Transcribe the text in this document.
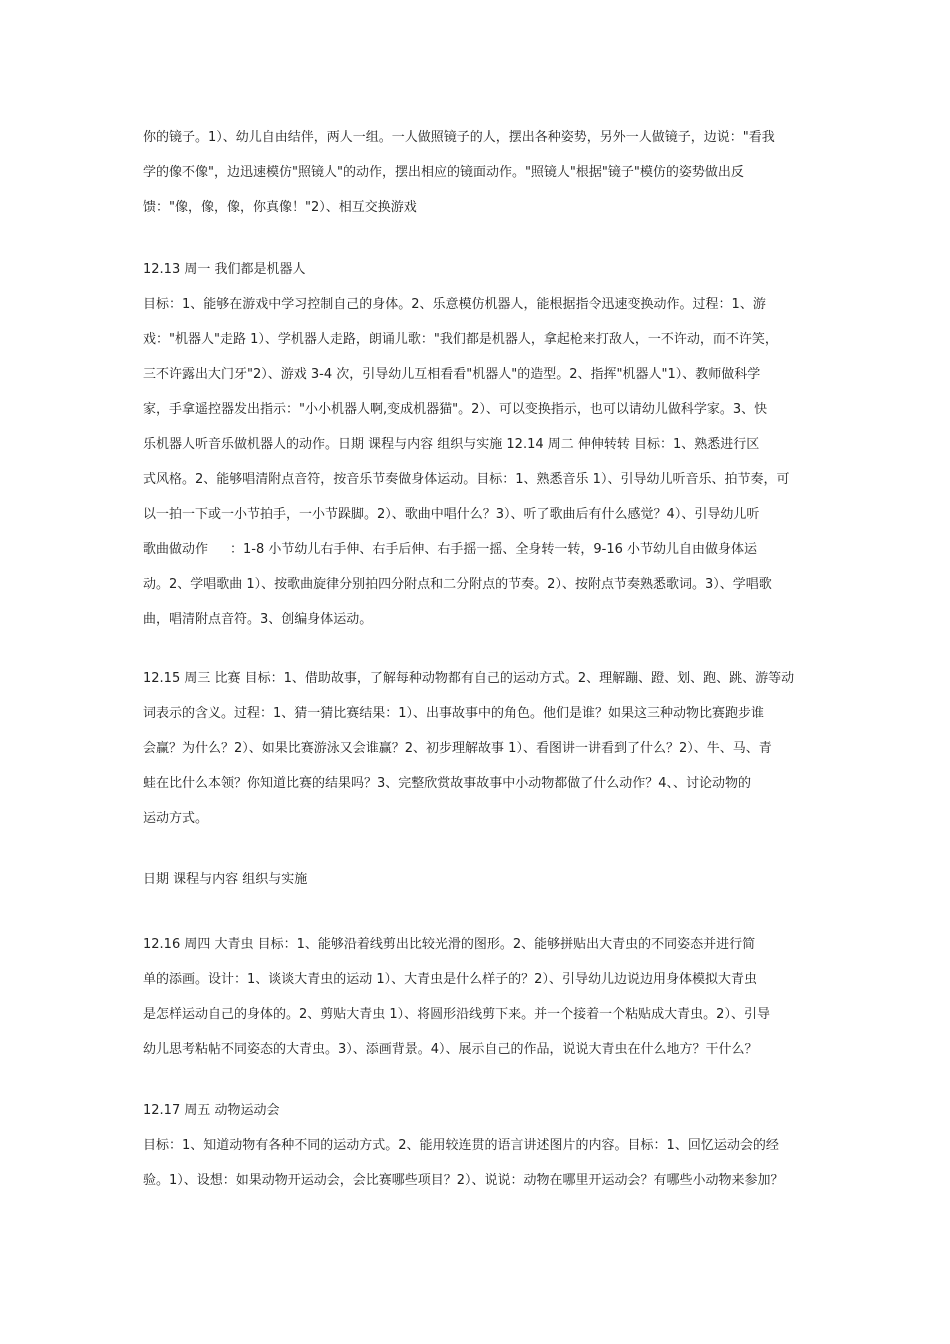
你的镜子。1）、幼儿自由结伴，两人一组。一人做照镜子的人，摆出各种姿势，另外一人做镜子，边说："看我
学的像不像"，边迅速模仿"照镜人"的动作，摆出相应的镜面动作。"照镜人"根据"镜子"模仿的姿势做出反
馈："像，像，像，你真像！"2）、相互交换游戏
12.13 周一 我们都是机器人
目标：1、能够在游戏中学习控制自己的身体。2、乐意模仿机器人，能根据指令迅速变换动作。过程：1、游
戏："机器人"走路 1）、学机器人走路，朗诵儿歌："我们都是机器人，拿起枪来打敌人，一不许动，而不许笑，
三不许露出大门牙"2）、游戏 3-4 次，引导幼儿互相看看"机器人"的造型。2、指挥"机器人"1）、教师做科学
家，手拿遥控器发出指示："小小机器人啊,变成机器猫"。2）、可以变换指示，也可以请幼儿做科学家。3、快
乐机器人听音乐做机器人的动作。日期 课程与内容 组织与实施 12.14 周二 伸伸转转 目标：1、熟悉进行区
式风格。2、能够唱清附点音符，按音乐节奏做身体运动。目标：1、熟悉音乐 1）、引导幼儿听音乐、拍节奏，可
以一拍一下或一小节拍手，一小节跺脚。2）、歌曲中唱什么？3）、听了歌曲后有什么感觉？4）、引导幼儿听
歌曲做动作 ：1-8 小节幼儿右手伸、右手后伸、右手摇一摇、全身转一转，9-16 小节幼儿自由做身体运
动。2、学唱歌曲 1）、按歌曲旋律分别拍四分附点和二分附点的节奏。2）、按附点节奏熟悉歌词。3）、学唱歌
曲，唱清附点音符。3、创编身体运动。
12.15 周三 比赛 目标：1、借助故事，了解每种动物都有自己的运动方式。2、理解蹦、蹬、划、跑、跳、游等动
词表示的含义。过程：1、猜一猜比赛结果：1）、出事故事中的角色。他们是谁？如果这三种动物比赛跑步谁
会赢？为什么？2）、如果比赛游泳又会谁赢？2、初步理解故事 1）、看图讲一讲看到了什么？2）、牛、马、青
蛙在比什么本领？你知道比赛的结果吗？3、完整欣赏故事故事中小动物都做了什么动作？4、、讨论动物的
运动方式。
日期 课程与内容 组织与实施
12.16 周四 大青虫 目标：1、能够沿着线剪出比较光滑的图形。2、能够拼贴出大青虫的不同姿态并进行简
单的添画。设计：1、谈谈大青虫的运动 1）、大青虫是什么样子的？2）、引导幼儿边说边用身体模拟大青虫
是怎样运动自己的身体的。2、剪贴大青虫 1）、将圆形沿线剪下来。并一个接着一个粘贴成大青虫。2）、引导
幼儿思考粘帖不同姿态的大青虫。3）、添画背景。4）、展示自己的作品，说说大青虫在什么地方？干什么？
12.17 周五 动物运动会
目标：1、知道动物有各种不同的运动方式。2、能用较连贯的语言讲述图片的内容。目标：1、回忆运动会的经
验。1）、设想：如果动物开运动会，会比赛哪些项目？2）、说说：动物在哪里开运动会？有哪些小动物来参加？
